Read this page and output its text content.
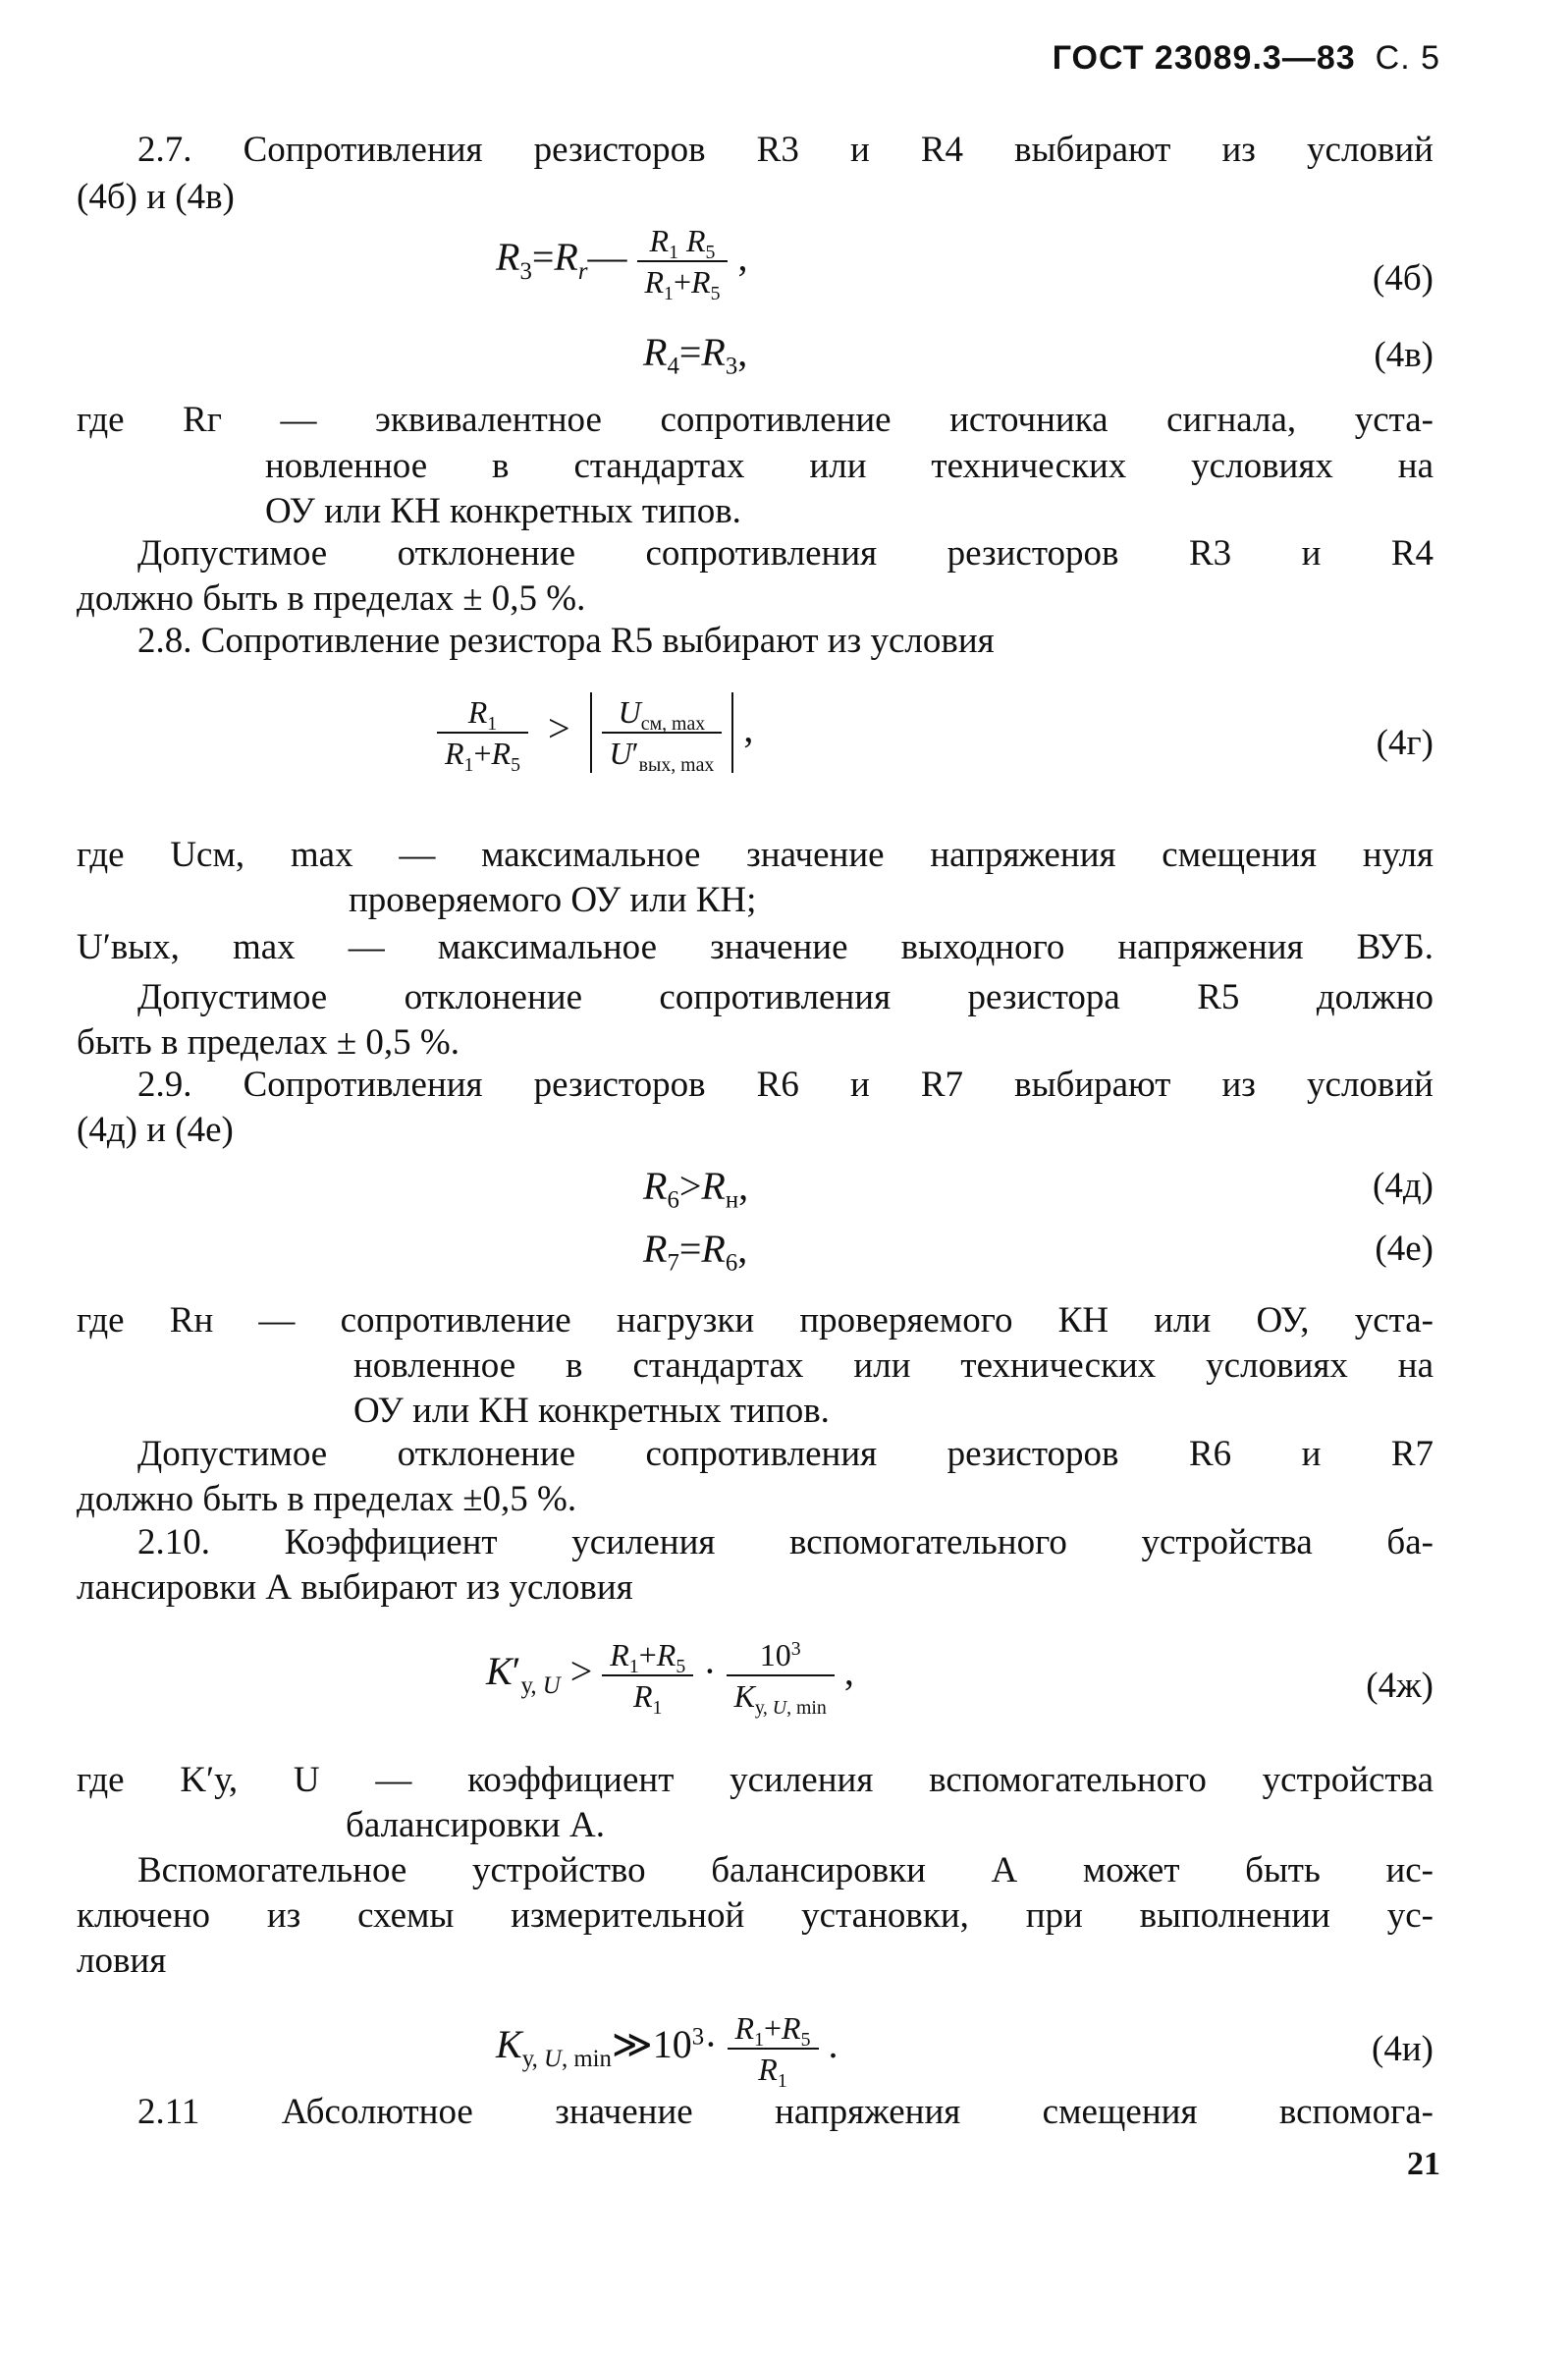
ГОСТ 23089.3—83 С. 5
2.7. Сопротивления резисторов R3 и R4 выбирают из условий
(4б) и (4в)
$R_3=R_r— \frac{R_1 R_5}{R_1+R_5}$ ,	(4б)
$R_4=R_3$,	(4в)
где Rг — эквивалентное сопротивление источника сигнала, уста-
новленное в стандартах или технических условиях на
ОУ или КН конкретных типов.
Допустимое отклонение сопротивления резисторов R3 и R4
должно быть в пределах ± 0,5 %.
2.8. Сопротивление резистора R5 выбирают из условия
$\frac{R_1}{R_1+R_5} > \frac{U_{см, max}}{U'_{вых, max}}$ ,	(4г)
где Uсм, max — максимальное значение напряжения смещения нуля
проверяемого ОУ или КН;
U′вых, max — максимальное значение выходного напряжения ВУБ.
Допустимое отклонение сопротивления резистора R5 должно
быть в пределах ± 0,5 %.
2.9. Сопротивления резисторов R6 и R7 выбирают из условий
(4д) и (4е)
$R_6>R_н$,	(4д)
$R_7=R_6$,	(4е)
где Rн — сопротивление нагрузки проверяемого КН или ОУ, уста-
новленное в стандартах или технических условиях на
ОУ или КН конкретных типов.
Допустимое отклонение сопротивления резисторов R6 и R7
должно быть в пределах ±0,5 %.
2.10. Коэффициент усиления вспомогательного устройства ба-
лансировки А выбирают из условия
$K'_{у, U} > \frac{R_1+R_5}{R_1} \cdot \frac{10^3}{K_{у, U, min}}$ ,	(4ж)
где K′у, U — коэффициент усиления вспомогательного устройства
балансировки А.
Вспомогательное устройство балансировки А может быть ис-
ключено из схемы измерительной установки, при выполнении ус-
ловия
$K_{у, U, min}≫10^3\cdot \frac{R_1+R_5}{R_1}$ .	(4и)
2.11 Абсолютное значение напряжения смещения вспомога-
21
